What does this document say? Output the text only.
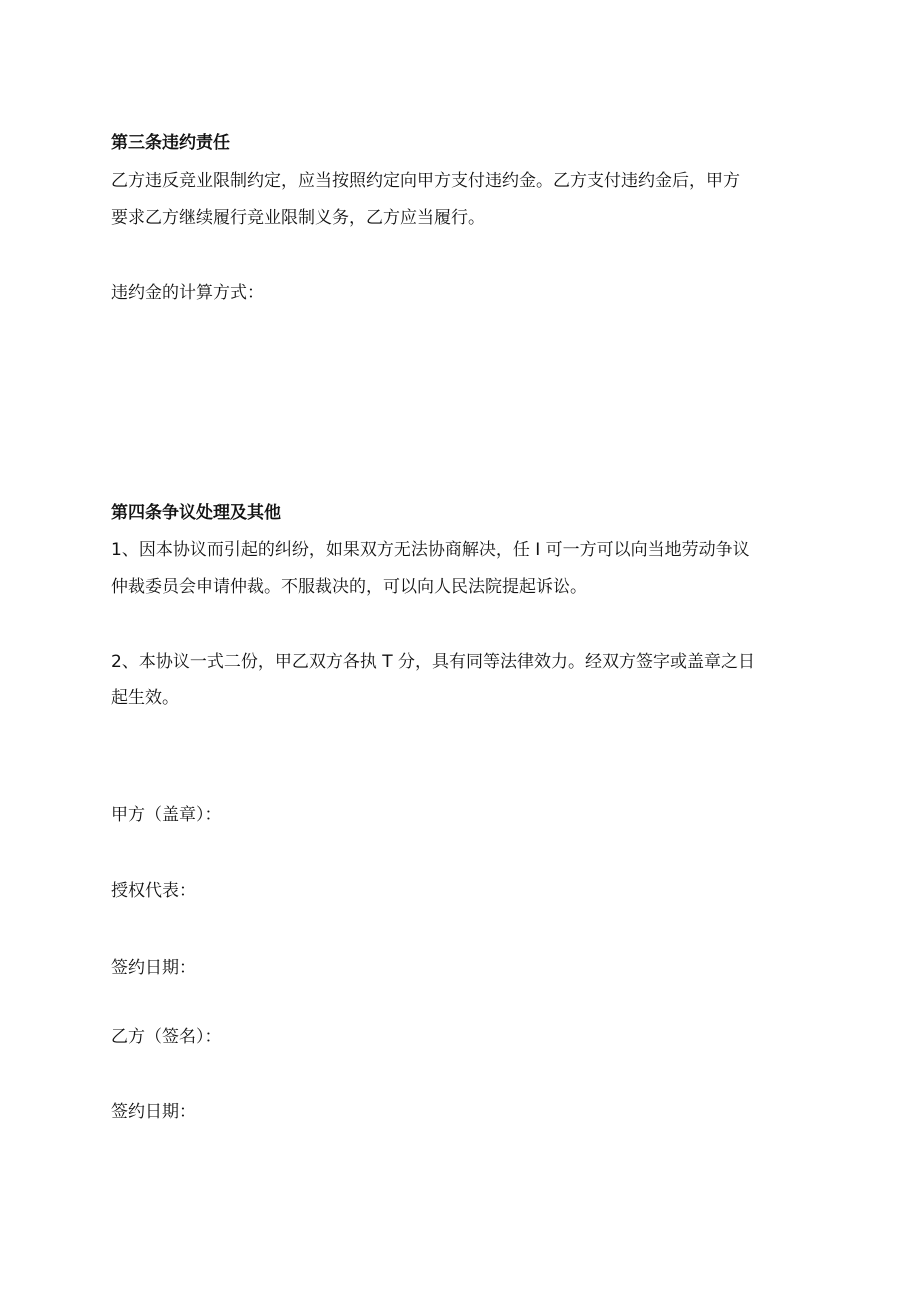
第三条违约责任
乙方违反竞业限制约定，应当按照约定向甲方支付违约金。乙方支付违约金后，甲方
要求乙方继续履行竞业限制义务，乙方应当履行。
违约金的计算方式：
第四条争议处理及其他
1、因本协议而引起的纠纷，如果双方无法协商解决，任 I 可一方可以向当地劳动争议
仲裁委员会申请仲裁。不服裁决的，可以向人民法院提起诉讼。
2、本协议一式二份，甲乙双方各执 T 分，具有同等法律效力。经双方签字或盖章之日
起生效。
甲方（盖章）：
授权代表：
签约日期：
乙方（签名）：
签约日期：
